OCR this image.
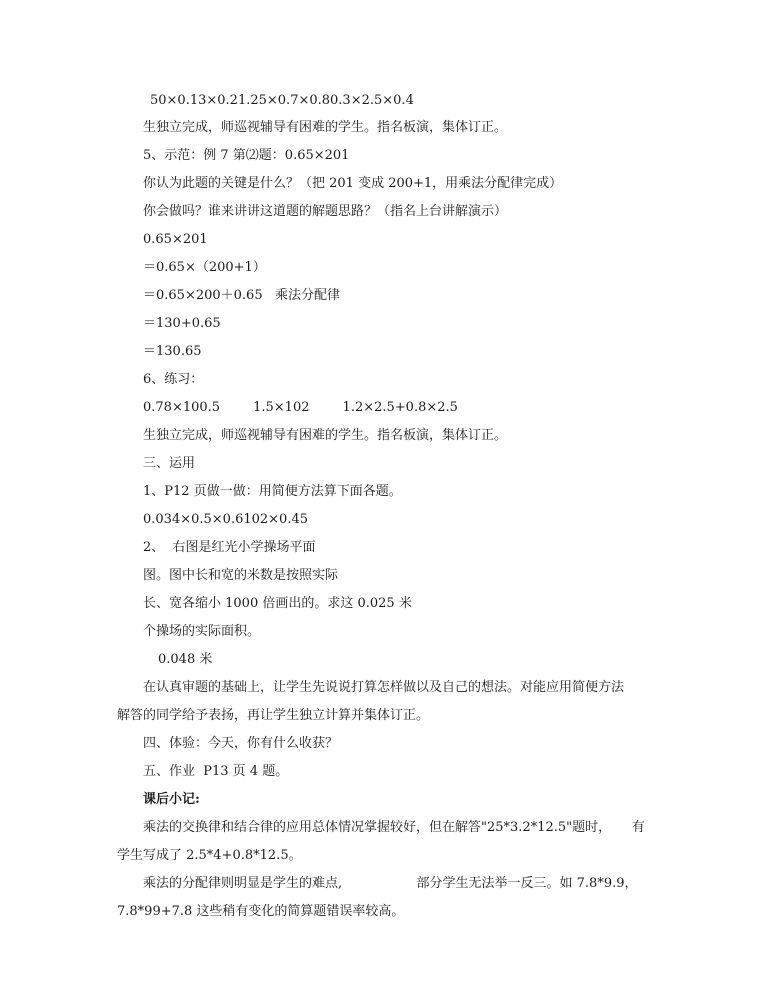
50×0.13×0.21.25×0.7×0.80.3×2.5×0.4
生独立完成，师巡视辅导有困难的学生。指名板演，集体订正。
5、示范：例 7 第⑵题：0.65×201
你认为此题的关键是什么？（把 201 变成 200+1，用乘法分配律完成）
你会做吗？谁来讲讲这道题的解题思路？（指名上台讲解演示）
0.65×201
＝0.65×（200+1）
＝0.65×200＋0.65   乘法分配律
＝130+0.65
＝130.65
6、练习：
0.78×100.5        1.5×102        1.2×2.5+0.8×2.5
生独立完成，师巡视辅导有困难的学生。指名板演，集体订正。
三、运用
1、P12 页做一做：用简便方法算下面各题。
0.034×0.5×0.6102×0.45
2、  右图是红光小学操场平面
图。图中长和宽的米数是按照实际
长、宽各缩小 1000 倍画出的。求这 0.025 米
个操场的实际面积。
0.048 米
在认真审题的基础上，让学生先说说打算怎样做以及自己的想法。对能应用简便方法
解答的同学给予表扬，再让学生独立计算并集体订正。
四、体验：今天，你有什么收获？
五、作业  P13 页 4 题。
课后小记:
乘法的交换律和结合律的应用总体情况掌握较好，但在解答"25*3.2*12.5"题时，     有
学生写成了 2.5*4+0.8*12.5。
乘法的分配律则明显是学生的难点,                  部分学生无法举一反三。如 7.8*9.9，
7.8*99+7.8 这些稍有变化的简算题错误率较高。
